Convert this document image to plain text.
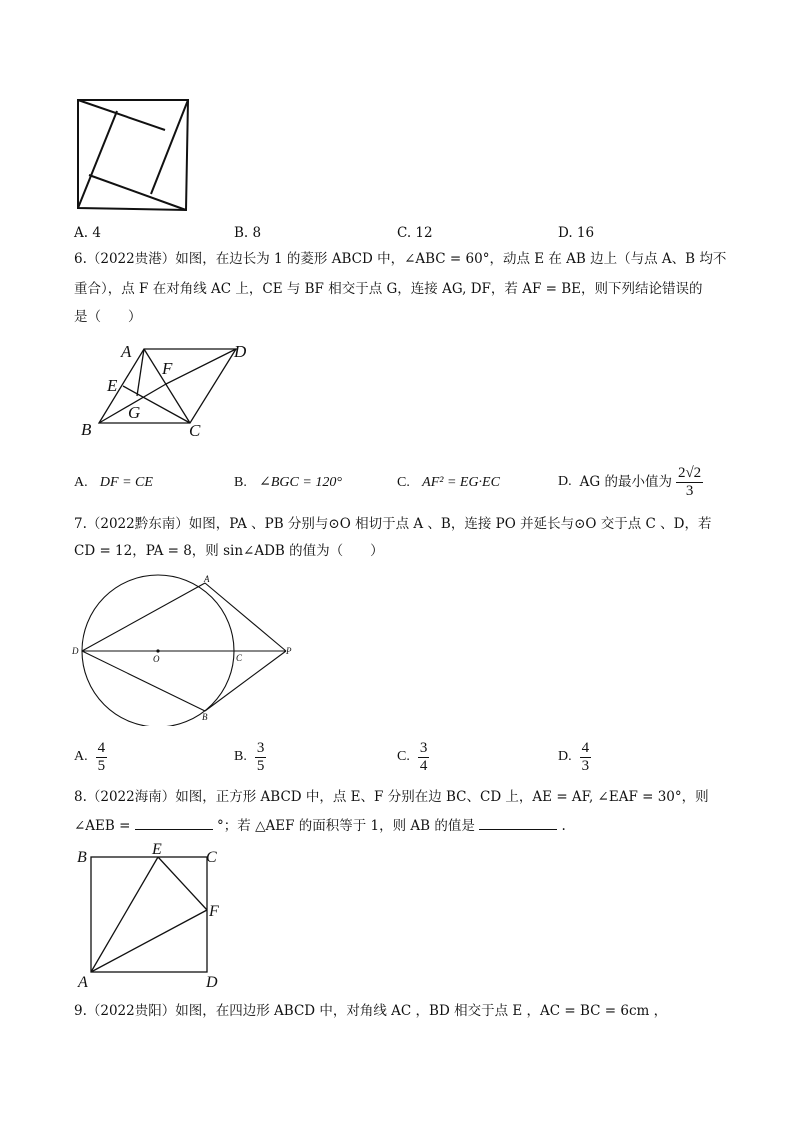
A. 4	B. 8	C. 12	D. 16
6.（2022贵港）如图，在边长为 1 的菱形 ABCD 中，∠ABC = 60°，动点 E 在 AB 边上（与点 A、B 均不
重合），点 F 在对角线 AC 上，CE 与 BF 相交于点 G，连接 AG, DF，若 AF = BE，则下列结论错误的
是（　　）
A	D
F
E
G
B	C
A. DF = CE	B. ∠BGC = 120°	C. AF² = EG·EC	D. AG 的最小值为 $\frac{2√2}{3}$
7.（2022黔东南）如图，PA 、PB 分别与⊙O 相切于点 A 、B，连接 PO 并延长与⊙O 交于点 C 、D，若
CD = 12，PA = 8，则 sin∠ADB 的值为（　　）
A
D
O	C
P
B
A. $\frac{4}{5}$	B. $\frac{3}{5}$	C. $\frac{3}{4}$	D. $\frac{4}{3}$
8.（2022海南）如图，正方形 ABCD 中，点 E、F 分别在边 BC、CD 上，AE = AF, ∠EAF = 30°，则
∠AEB =	°；若 △AEF 的面积等于 1，则 AB 的值是	.
B	E	C
F
A	D
9.（2022贵阳）如图，在四边形 ABCD 中，对角线 AC ，BD 相交于点 E ，AC = BC = 6cm ，
